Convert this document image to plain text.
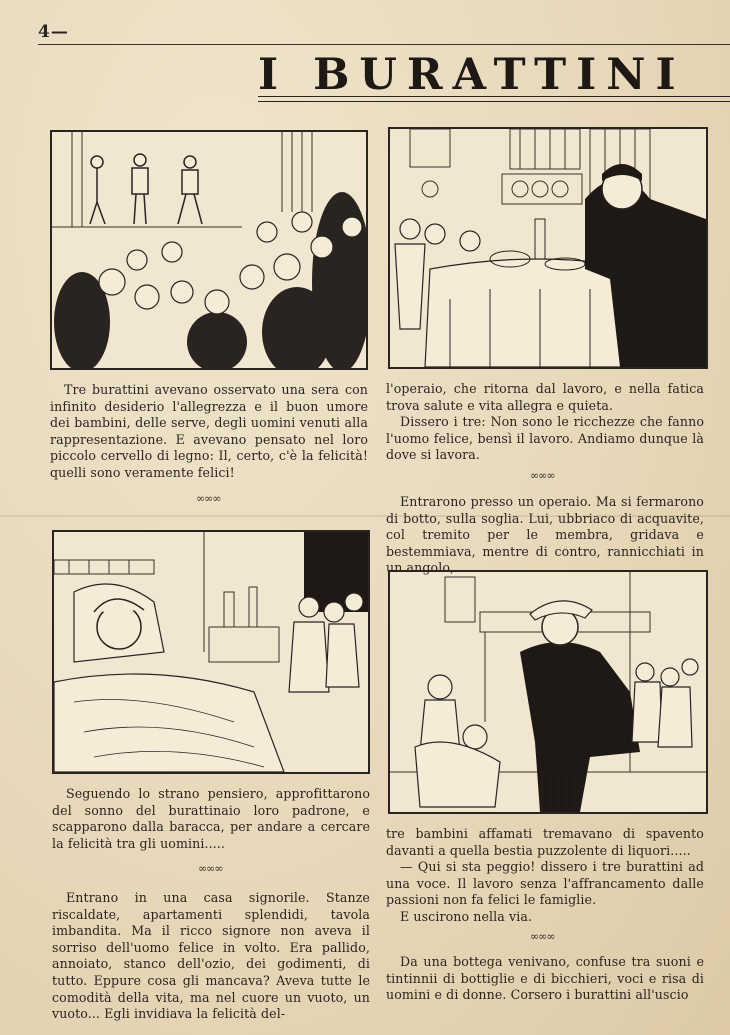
4—
I BURATTINI

Tre burattini avevano osservato una sera con infinito desiderio l'allegrezza e il buon umore dei bambini, delle serve, degli uomini venuti alla rappresentazione. E avevano pensato nel loro piccolo cervello di legno: Il, certo, c'è la felicità! quelli sono veramente felici!

∞∞∞

Seguendo lo strano pensiero, approfittarono del sonno del burattinaio loro padrone, e scapparono dalla baracca, per andare a cercare la felicità tra gli uomini.....

∞∞∞

Entrano in una casa signorile. Stanze riscaldate, apartamenti splendidi, tavola imbandita. Ma il ricco signore non aveva il sorriso dell'uomo felice in volto. Era pallido, annoiato, stanco dell'ozio, dei godimenti, di tutto. Eppure cosa gli mancava? Aveva tutte le comodità della vita, ma nel cuore un vuoto, un vuoto... Egli invidiava la felicità del-

l'operaio, che ritorna dal lavoro, e nella fatica trova salute e vita allegra e quieta.

Dissero i tre: Non sono le ricchezze che fanno l'uomo felice, bensì il lavoro. Andiamo dunque là dove si lavora.

∞∞∞

Entrarono presso un operaio. Ma si fermarono di botto, sulla soglia. Lui, ubbriaco di acquavite, col tremito per le membra, gridava e bestemmiava, mentre di contro, rannicchiati in un angolo,

tre bambini affamati tremavano di spavento davanti a quella bestia puzzolente di liquori.....

— Qui si sta peggio! dissero i tre burattini ad una voce. Il lavoro senza l'affrancamento dalle passioni non fa felici le famiglie.

E uscirono nella via.

∞∞∞

Da una bottega venivano, confuse tra suoni e tintinnii di bottiglie e di bicchieri, voci e risa di uomini e di donne. Corsero i burattini all'uscio
